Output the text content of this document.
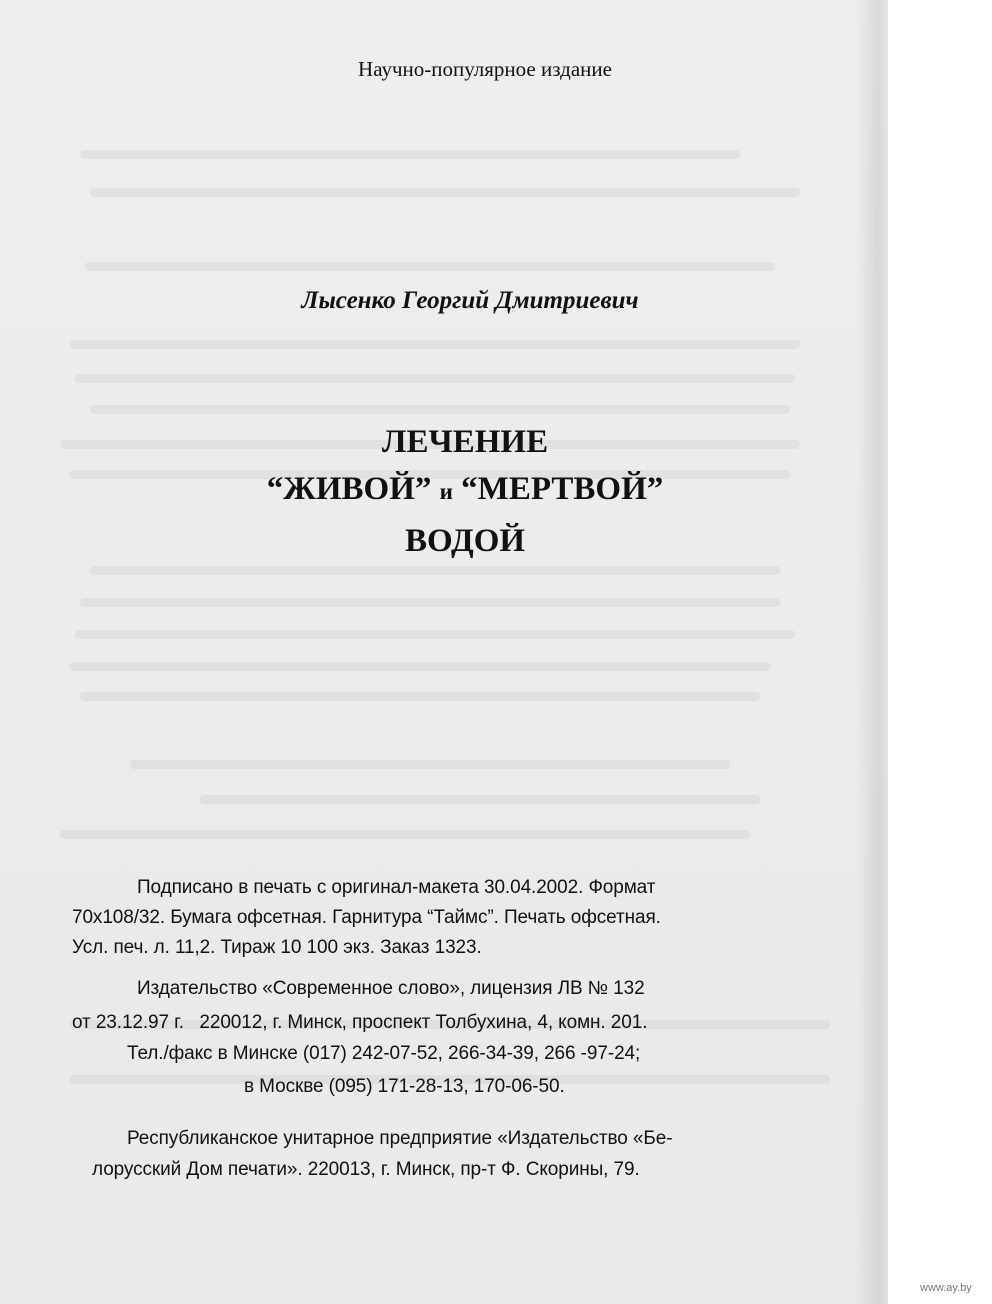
Научно-популярное издание
Лысенко Георгий Дмитриевич
ЛЕЧЕНИЕ
“ЖИВОЙ” и “МЕРТВОЙ”
ВОДОЙ
Подписано в печать с оригинал-макета 30.04.2002. Формат
70x108/32. Бумага офсетная. Гарнитура “Таймс”. Печать офсетная.
Усл. печ. л. 11,2. Тираж 10 100 экз. Заказ 1323.
Издательство «Современное слово», лицензия ЛВ № 132
от 23.12.97 г.   220012, г. Минск, проспект Толбухина, 4, комн. 201.
Тел./факс в Минске (017) 242-07-52, 266-34-39, 266 -97-24;
в Москве (095) 171-28-13, 170-06-50.
Республиканское унитарное предприятие «Издательство «Бе-
лорусский Дом печати». 220013, г. Минск, пр-т Ф. Скорины, 79.
www.ay.by
